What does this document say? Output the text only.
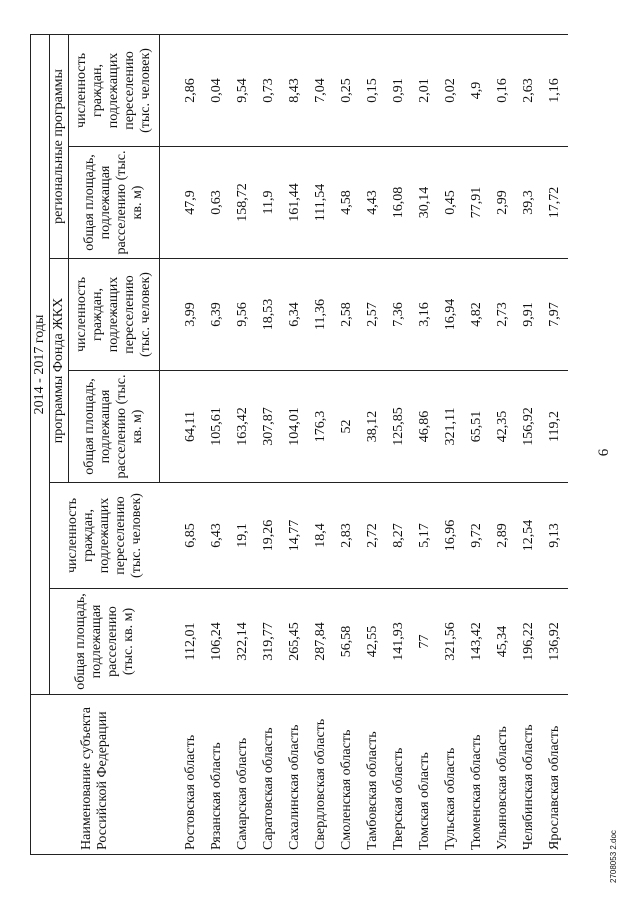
Наименование субъекта Российской Федерации	2014 - 2017 годы					
	общая площадь, подлежащая расселению (тыс. кв. м)	численность граждан, подлежащих переселению (тыс. человек)	программы Фонда ЖКХ		региональные программы	
			общая площадь, подлежащая расселению (тыс. кв. м)	численность граждан, подлежащих переселению (тыс. человек)	общая площадь, подлежащая расселению (тыс. кв. м)	численность граждан, подлежащих переселению (тыс. человек)
Ростовская область	112,01	6,85	64,11	3,99	47,9	2,86
Рязанская область	106,24	6,43	105,61	6,39	0,63	0,04
Самарская область	322,14	19,1	163,42	9,56	158,72	9,54
Саратовская область	319,77	19,26	307,87	18,53	11,9	0,73
Сахалинская область	265,45	14,77	104,01	6,34	161,44	8,43
Свердловская область	287,84	18,4	176,3	11,36	111,54	7,04
Смоленская область	56,58	2,83	52	2,58	4,58	0,25
Тамбовская область	42,55	2,72	38,12	2,57	4,43	0,15
Тверская область	141,93	8,27	125,85	7,36	16,08	0,91
Томская область	77	5,17	46,86	3,16	30,14	2,01
Тульская область	321,56	16,96	321,11	16,94	0,45	0,02
Тюменская область	143,42	9,72	65,51	4,82	77,91	4,9
Ульяновская область	45,34	2,89	42,35	2,73	2,99	0,16
Челябинская область	196,22	12,54	156,92	9,91	39,3	2,63
Ярославская область	136,92	9,13	119,2	7,97	17,72	1,16
6
2708053 2.doc
